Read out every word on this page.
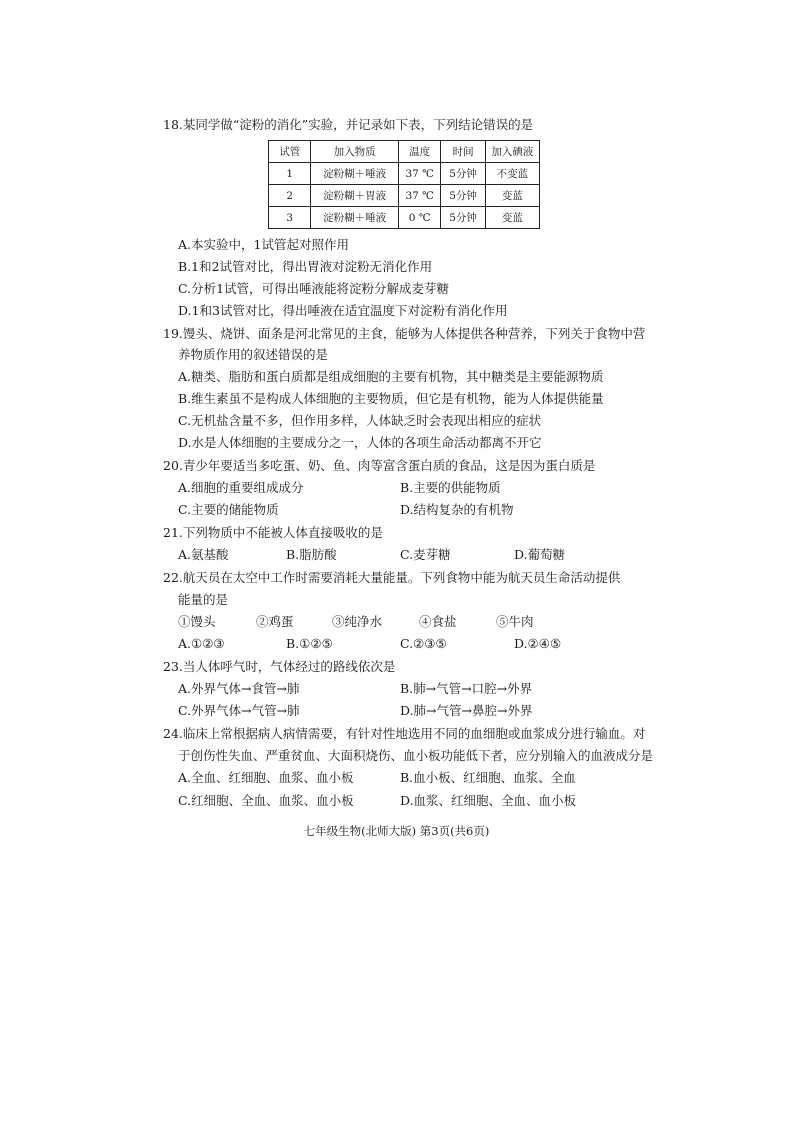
18.某同学做“淀粉的消化”实验，并记录如下表，下列结论错误的是
试管	加入物质	温度	时间	加入碘液
1	淀粉糊＋唾液	37 ℃	5分钟	不变蓝
2	淀粉糊＋胃液	37 ℃	5分钟	变蓝
3	淀粉糊＋唾液	0 ℃	5分钟	变蓝
A.本实验中，1试管起对照作用
B.1和2试管对比，得出胃液对淀粉无消化作用
C.分析1试管，可得出唾液能将淀粉分解成麦芽糖
D.1和3试管对比，得出唾液在适宜温度下对淀粉有消化作用
19.馒头、烧饼、面条是河北常见的主食，能够为人体提供各种营养，下列关于食物中营
养物质作用的叙述错误的是
A.糖类、脂肪和蛋白质都是组成细胞的主要有机物，其中糖类是主要能源物质
B.维生素虽不是构成人体细胞的主要物质，但它是有机物，能为人体提供能量
C.无机盐含量不多，但作用多样，人体缺乏时会表现出相应的症状
D.水是人体细胞的主要成分之一，人体的各项生命活动都离不开它
20.青少年要适当多吃蛋、奶、鱼、肉等富含蛋白质的食品，这是因为蛋白质是
A.细胞的重要组成成分	B.主要的供能物质
C.主要的储能物质	D.结构复杂的有机物
21.下列物质中不能被人体直接吸收的是
A.氨基酸	B.脂肪酸	C.麦芽糖	D.葡萄糖
22.航天员在太空中工作时需要消耗大量能量。下列食物中能为航天员生命活动提供
能量的是
①馒头	②鸡蛋	③纯净水	④食盐	⑤牛肉
A.①②③	B.①②⑤	C.②③⑤	D.②④⑤
23.当人体呼气时，气体经过的路线依次是
A.外界气体→食管→肺	B.肺→气管→口腔→外界
C.外界气体→气管→肺	D.肺→气管→鼻腔→外界
24.临床上常根据病人病情需要，有针对性地选用不同的血细胞或血浆成分进行输血。对
于创伤性失血、严重贫血、大面积烧伤、血小板功能低下者，应分别输入的血液成分是
A.全血、红细胞、血浆、血小板	B.血小板、红细胞、血浆、全血
C.红细胞、全血、血浆、血小板	D.血浆、红细胞、全血、血小板
七年级生物(北师大版) 第3页(共6页)
